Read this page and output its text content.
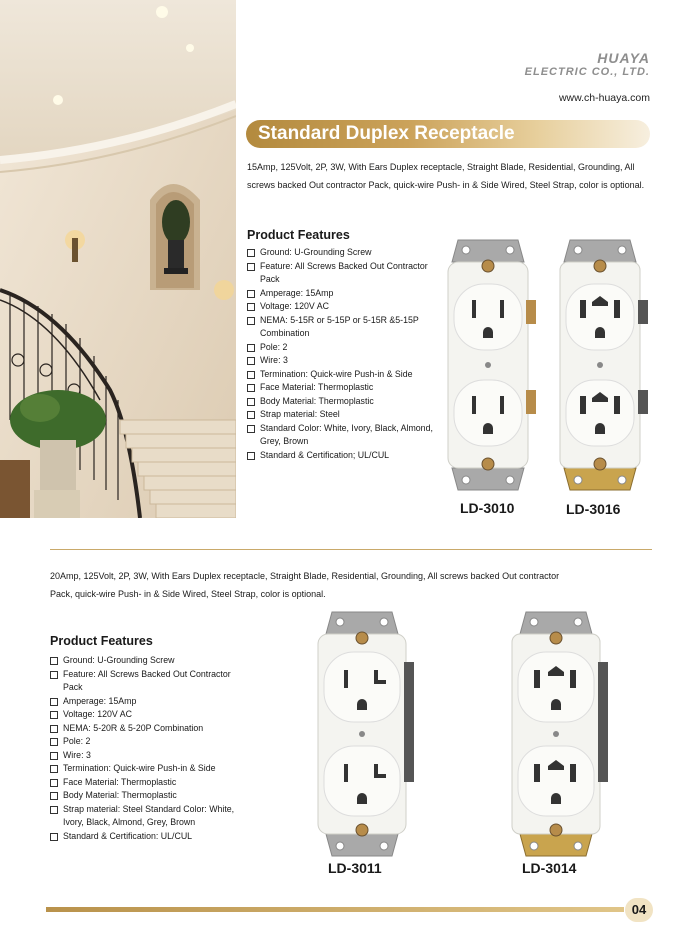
HUAYA
ELECTRIC CO., LTD.
www.ch-huaya.com
Standard Duplex Receptacle
15Amp, 125Volt, 2P, 3W, With Ears Duplex receptacle, Straight Blade, Residential, Grounding, All screws backed Out contractor Pack, quick-wire Push- in & Side Wired, Steel Strap, color is optional.
Product Features
Ground: U-Grounding Screw
Feature: All Screws Backed Out Contractor Pack
Amperage: 15Amp
Voltage: 120V AC
NEMA: 5-15R or 5-15P or 5-15R &5-15P Combination
Pole: 2
Wire: 3
Termination: Quick-wire Push-in & Side
Face Material: Thermoplastic
Body Material: Thermoplastic
Strap material: Steel
Standard Color: White, Ivory, Black, Almond, Grey, Brown
Standard & Certification; UL/CUL
LD-3010	LD-3016
20Amp, 125Volt, 2P, 3W, With Ears Duplex receptacle, Straight Blade, Residential, Grounding, All screws backed Out contractor Pack, quick-wire Push- in & Side Wired, Steel Strap, color is optional.
Product Features
Ground: U-Grounding Screw
Feature: All Screws Backed Out Contractor Pack
Amperage: 15Amp
Voltage: 120V AC
NEMA: 5-20R & 5-20P Combination
Pole: 2
Wire: 3
Termination: Quick-wire Push-in & Side
Face Material: Thermoplastic
Body Material: Thermoplastic
Strap material: Steel Standard Color: White, Ivory, Black, Almond, Grey, Brown
Standard & Certification: UL/CUL
LD-3011	LD-3014
04
